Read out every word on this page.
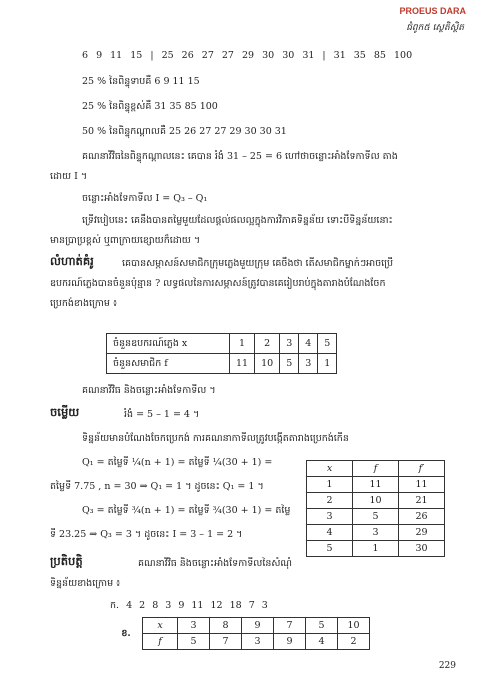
PROEUS DARA
ជំពូក៥ ស្ថេតិស្ថិត
6 9 11 15 | 25 26 27 27 29 30 30 31 | 31 35 85 100
25 % នៃពិន្ទុទាបគឺ 6 9 11 15
25 % នៃពិន្ទុខ្ពស់គឺ 31 35 85 100
50 % នៃពិន្ទុកណ្តាលគឺ 25 26 27 27 29 30 30 31
គណនាវិវិធនៃពិន្ទុកណ្តាលនេះ គេបាន រំងំ 31 – 25 = 6 ហៅថាចន្លោះអាំងទែកាទីល តាង
ដោយ I ។
ចន្លោះអាំងទែកាទីល I = Q₃ – Q₁
ទ្រើវបៀបនេះ គេនឹងបានតម្លៃមួយដែលផ្តល់ផលល្អក្នុងការវិភាគទិន្នន័យ ទោះបីទិន្នន័យនោះ
មានប្រាប្រខ្ពស់ ឬពាក្រាយខ្សោយក៏ដោយ ។
លំហាត់គំរូ	គេបានសម្ភាសន៍សមាជិកក្រុមភ្លេងមួយក្រុម គេចឹងថា តើសមាជិកម្នាក់ៗអាចប្រើ
ឧបករណ៍ភ្លេងបានចំនួនប៉ុន្មាន ? លទ្ធផលនៃការសម្ភាសន៍ត្រូវបានគេរៀបរាប់ក្នុងតារាងបំណែងចែក
ប្រេកង់ខាងក្រោម ៖
ចំនួនឧបករណ៍ភ្លេង x	1	2	3	4	5
ចំនួនសមាជិក f	11	10	5	3	1
គណនាវិវិធ និងចន្លោះអាំងទែកាទីល ។
ចម្លើយ	រំងំ = 5 – 1 = 4 ។
ទិន្នន័យមានបំណែងចែកប្រេកង់ ការគណនាកាទីលត្រូវបង្កើតតារាងប្រេកង់កើន
Q₁ = តម្លៃទី ¼(n + 1) = តម្លៃទី ¼(30 + 1) =
តម្លៃទី 7.75 , n = 30 ⇒ Q₁ = 1 ។ ដូចនេះ Q₁ = 1 ។
Q₃ = តម្លៃទី ¾(n + 1) = តម្លៃទី ¾(30 + 1) = តម្លៃ
ទី 23.25 ⇒ Q₃ = 3 ។ ដូចនេះ I = 3 – 1 = 2 ។
x	f	f′
1	11	11
2	10	21
3	5	26
4	3	29
5	1	30
ប្រតិបត្តិ	គណនាវិវិធ និងចន្លោះអាំងទែកាទីលនៃសំណុំ
ទិន្នន័យខាងក្រោម ៖
ក. 4 2 8 3 9 11 12 18 7 3
ខ.	x	3	8	9	7	5	10
	f	5	7	3	9	4	2
229
